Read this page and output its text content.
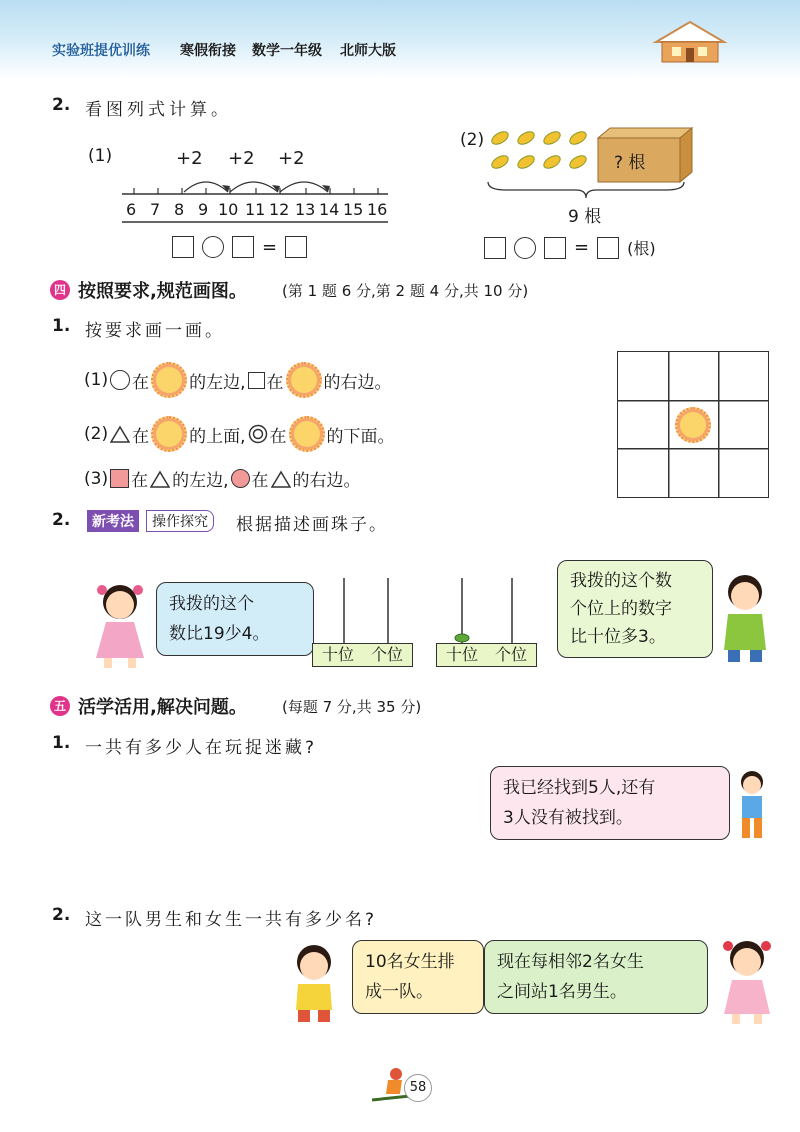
实验班提优训练 寒假衔接 数学一年级 北师大版
2. 看图列式计算。
(1)	+2 +2 +2
6 7 8 9 10 11 12 13 14 15 16
=
(2)
? 根
9 根
= (根)
四 按照要求,规范画图。 (第 1 题 6 分,第 2 题 4 分,共 10 分)
1. 按要求画一画。
(1) 在 的左边, 在 的右边。
(2) 在 的上面, 在 的下面。
(3) 在 的左边, 在 的右边。
2.	新考法	操作探究	根据描述画珠子。
我拨的这个
数比19少4。
十位	个位	十位	个位
我拨的这个数
个位上的数字
比十位多3。
五 活学活用,解决问题。 (每题 7 分,共 35 分)
1. 一共有多少人在玩捉迷藏?
我已经找到5人,还有
3人没有被找到。
2. 这一队男生和女生一共有多少名?
10名女生排
成一队。
现在每相邻2名女生
之间站1名男生。
58
